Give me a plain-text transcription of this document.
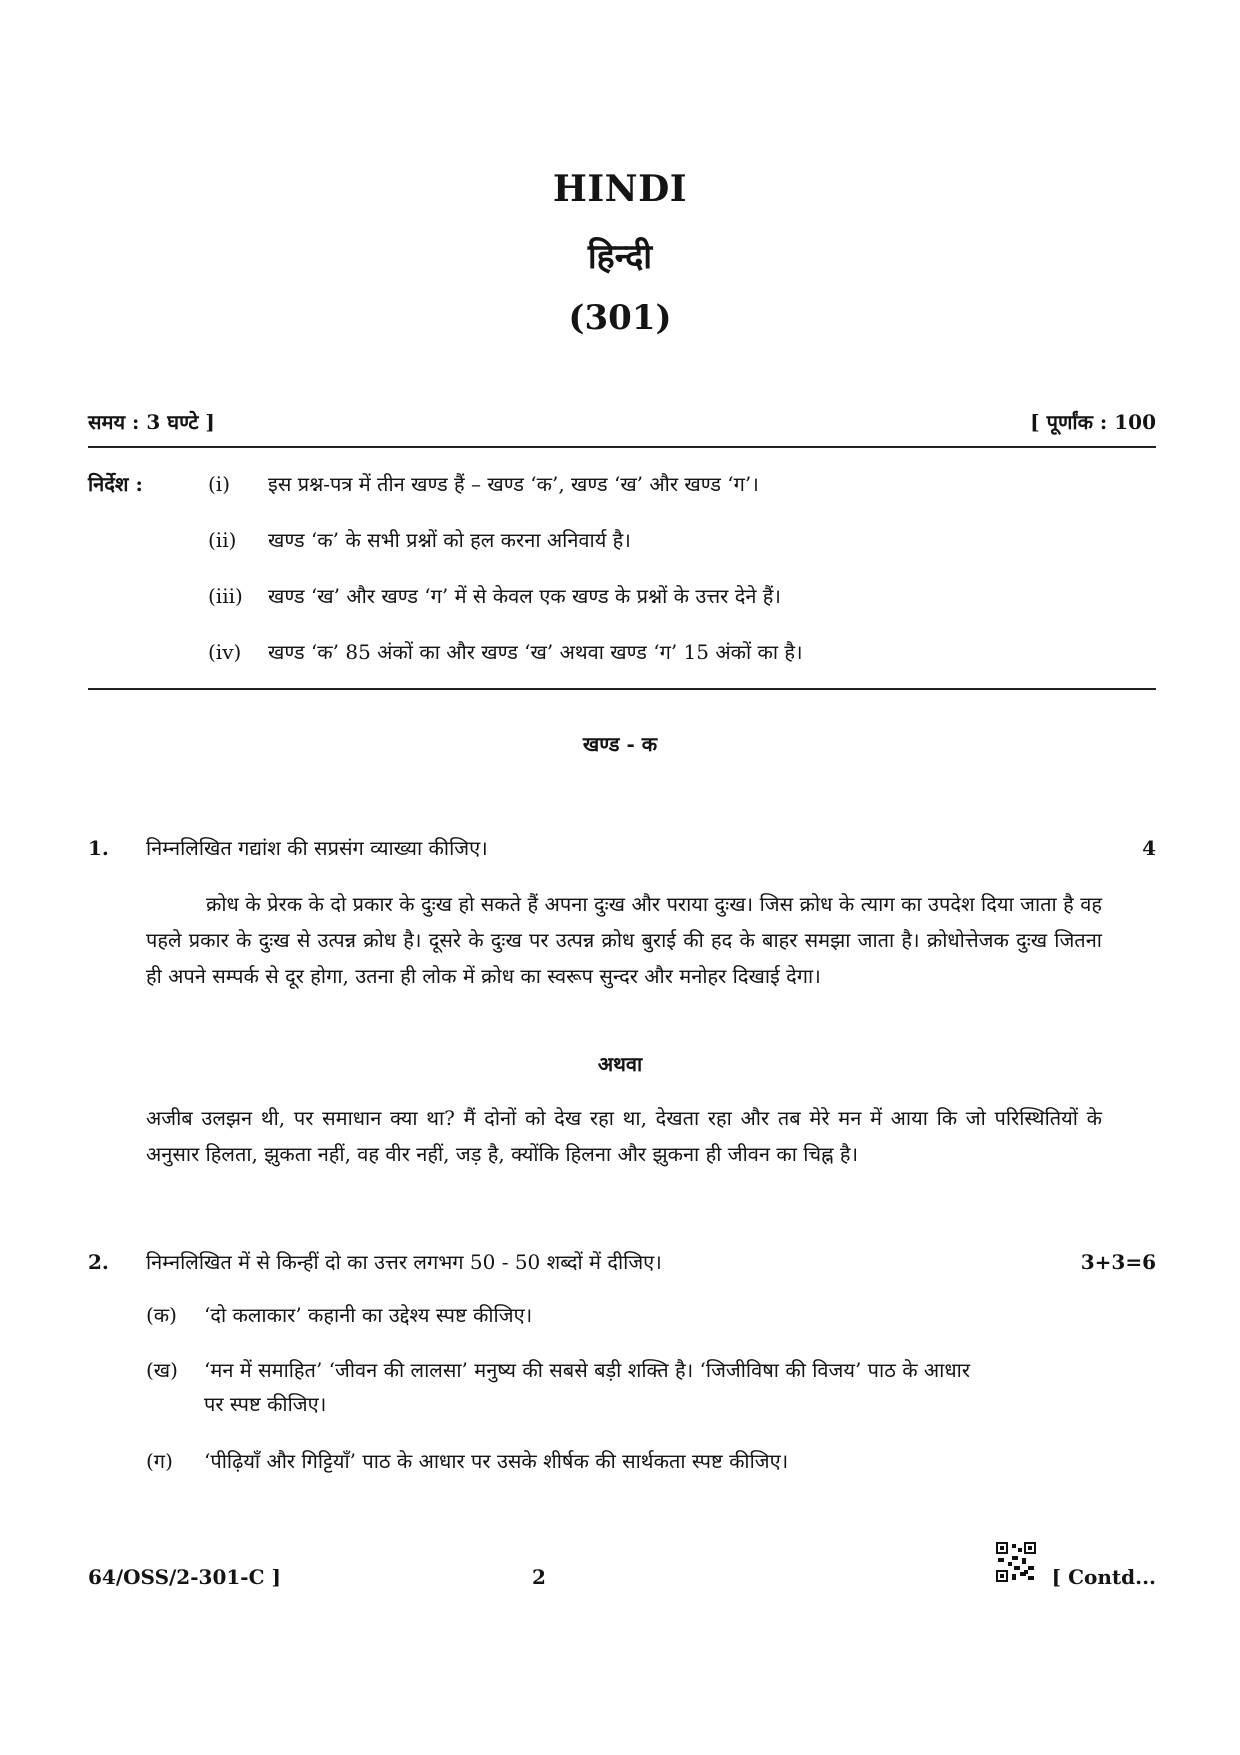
HINDI
हिन्दी
(301)
समय : 3 घण्टे ]	[ पूर्णांक : 100
निर्देश :	(i) इस प्रश्न-पत्र में तीन खण्ड हैं – खण्ड ‘क’, खण्ड ‘ख’ और खण्ड ‘ग’।
(ii) खण्ड ‘क’ के सभी प्रश्नों को हल करना अनिवार्य है।
(iii) खण्ड ‘ख’ और खण्ड ‘ग’ में से केवल एक खण्ड के प्रश्नों के उत्तर देने हैं।
(iv) खण्ड ‘क’ 85 अंकों का और खण्ड ‘ख’ अथवा खण्ड ‘ग’ 15 अंकों का है।
खण्ड - क
1. निम्नलिखित गद्यांश की सप्रसंग व्याख्या कीजिए।	4
क्रोध के प्रेरक के दो प्रकार के दुःख हो सकते हैं अपना दुःख और पराया दुःख। जिस क्रोध के त्याग का उपदेश दिया जाता है वह पहले प्रकार के दुःख से उत्पन्न क्रोध है। दूसरे के दुःख पर उत्पन्न क्रोध बुराई की हद के बाहर समझा जाता है। क्रोधोत्तेजक दुःख जितना ही अपने सम्पर्क से दूर होगा, उतना ही लोक में क्रोध का स्वरूप सुन्दर और मनोहर दिखाई देगा।
अथवा
अजीब उलझन थी, पर समाधान क्या था? मैं दोनों को देख रहा था, देखता रहा और तब मेरे मन में आया कि जो परिस्थितियों के अनुसार हिलता, झुकता नहीं, वह वीर नहीं, जड़ है, क्योंकि हिलना और झुकना ही जीवन का चिह्न है।
2. निम्नलिखित में से किन्हीं दो का उत्तर लगभग 50 - 50 शब्दों में दीजिए।	3+3=6
(क) ‘दो कलाकार’ कहानी का उद्देश्य स्पष्ट कीजिए।
(ख) ‘मन में समाहित’ ‘जीवन की लालसा’ मनुष्य की सबसे बड़ी शक्ति है। ‘जिजीविषा की विजय’ पाठ के आधार
पर स्पष्ट कीजिए।
(ग) ‘पीढ़ियाँ और गिट्टियाँ’ पाठ के आधार पर उसके शीर्षक की सार्थकता स्पष्ट कीजिए।
64/OSS/2-301-C ]	2	[ Contd...
